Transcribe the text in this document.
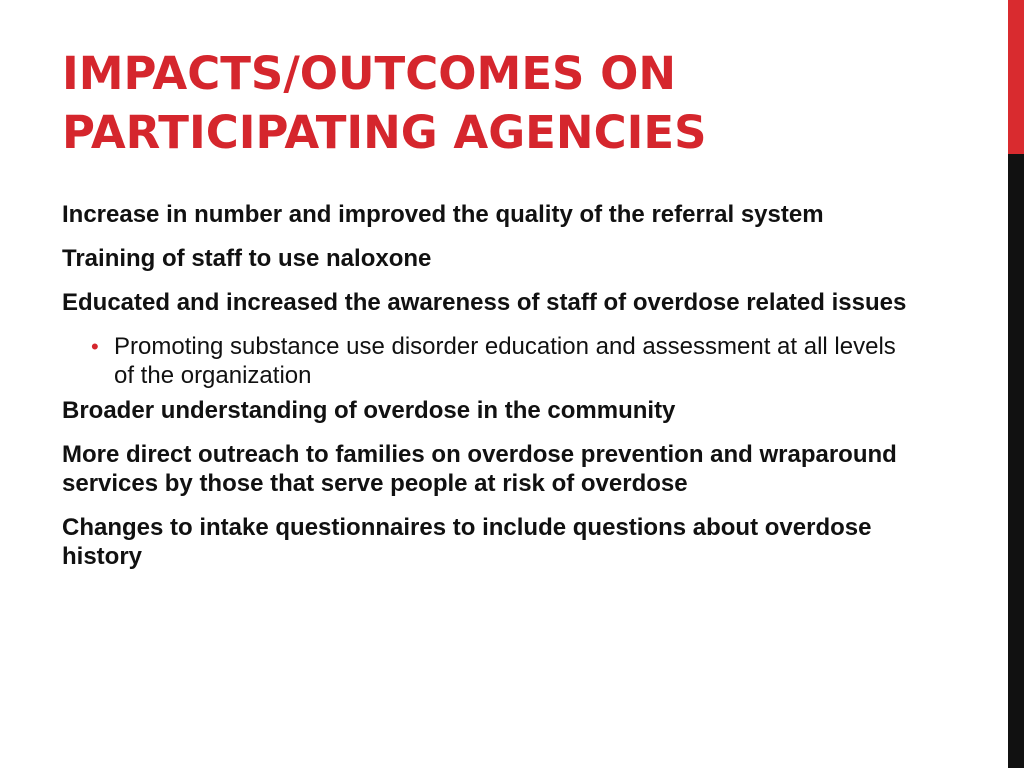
IMPACTS/OUTCOMES ON
PARTICIPATING AGENCIES

Increase in number and improved the quality of the referral system

Training of staff to use naloxone

Educated and increased the awareness of staff of overdose related issues

• Promoting substance use disorder education and assessment at all levels of the organization

Broader understanding of overdose in the community

More direct outreach to families on overdose prevention and wraparound services by those that serve people at risk of overdose

Changes to intake questionnaires to include questions about overdose history
